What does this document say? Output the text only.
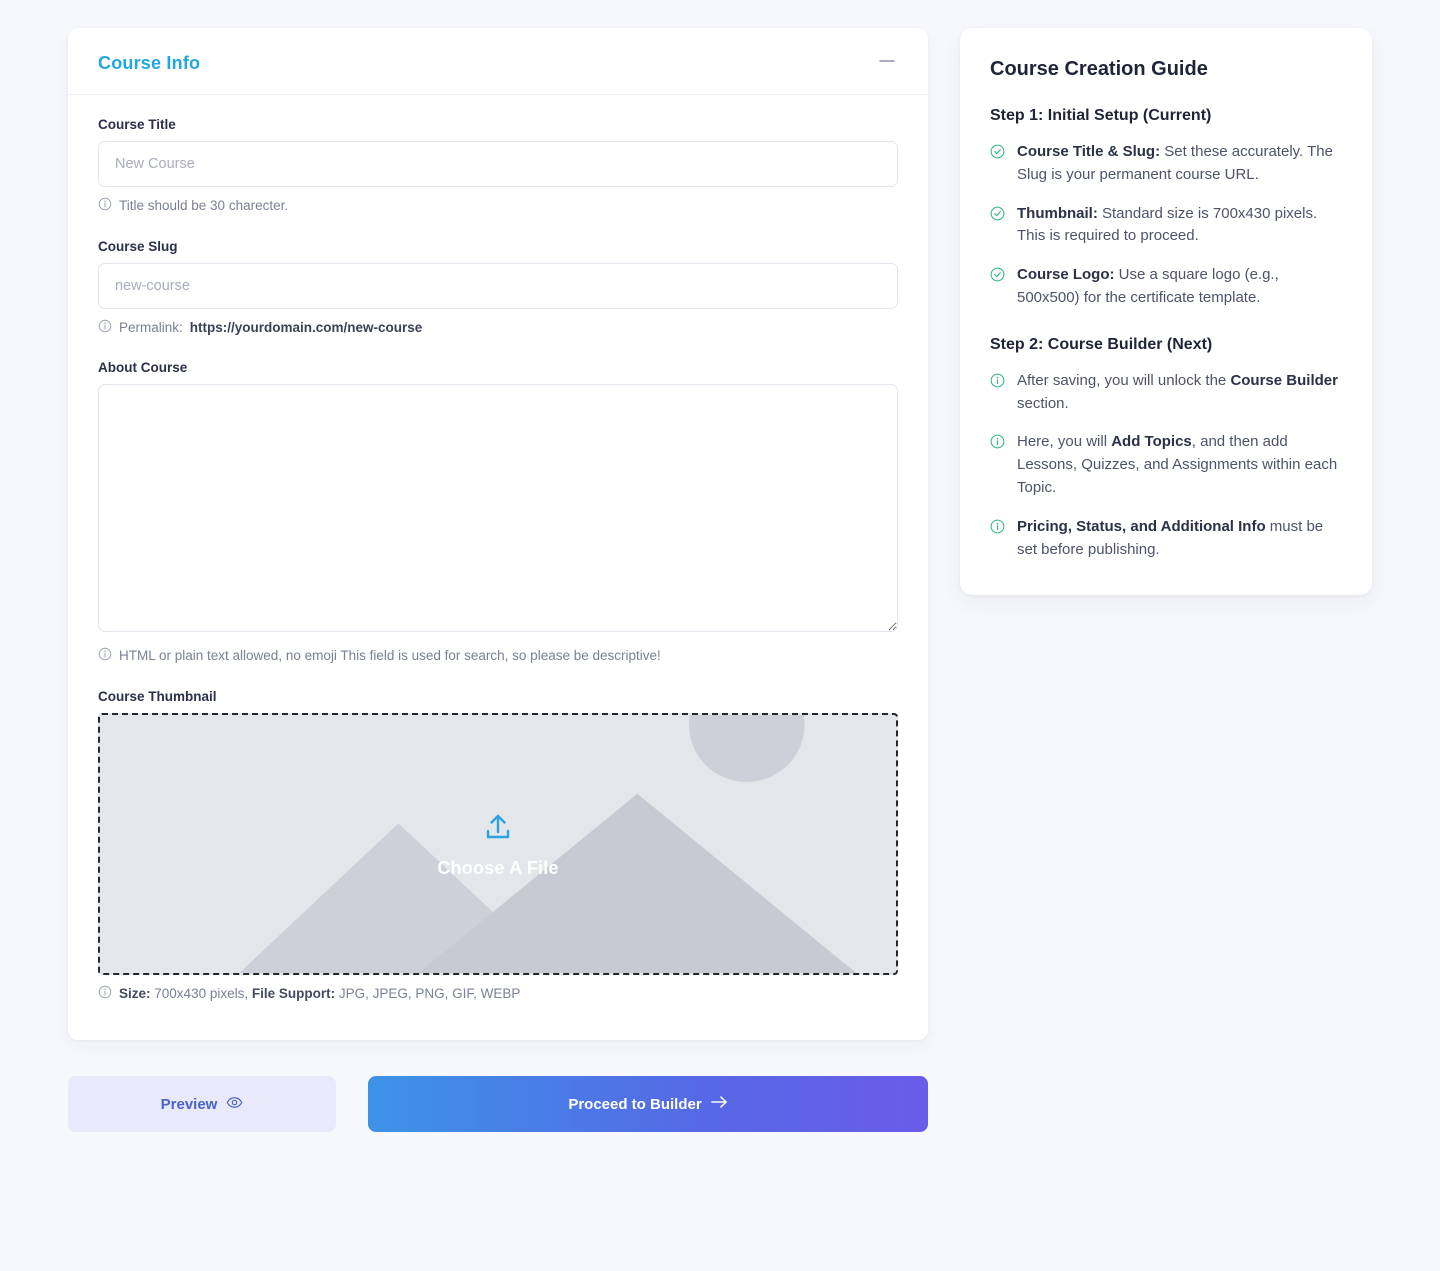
Course Info
Course Title
New Course
Title should be 30 charecter.
Course Slug
new-course
Permalink: https://yourdomain.com/new-course
About Course
HTML or plain text allowed, no emoji This field is used for search, so please be descriptive!
Course Thumbnail
Choose A File
Size: 700x430 pixels, File Support: JPG, JPEG, PNG, GIF, WEBP
Preview	Proceed to Builder
Course Creation Guide
Step 1: Initial Setup (Current)
Course Title & Slug: Set these accurately. The Slug is your permanent course URL.
Thumbnail: Standard size is 700x430 pixels. This is required to proceed.
Course Logo: Use a square logo (e.g., 500x500) for the certificate template.
Step 2: Course Builder (Next)
After saving, you will unlock the Course Builder section.
Here, you will Add Topics, and then add Lessons, Quizzes, and Assignments within each Topic.
Pricing, Status, and Additional Info must be set before publishing.
